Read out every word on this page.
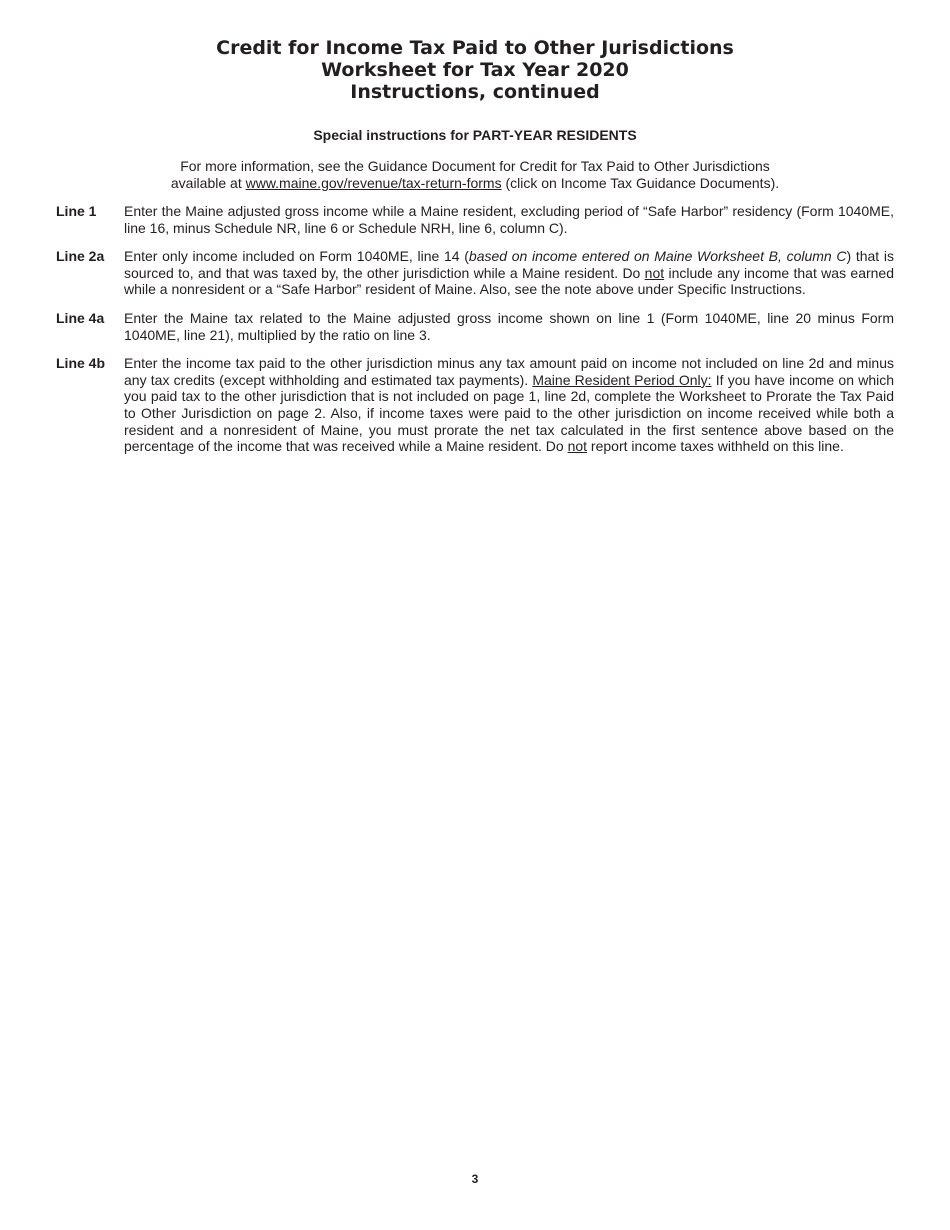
Credit for Income Tax Paid to Other Jurisdictions
Worksheet for Tax Year 2020
Instructions, continued
Special instructions for PART-YEAR RESIDENTS
For more information, see the Guidance Document for Credit for Tax Paid to Other Jurisdictions
available at www.maine.gov/revenue/tax-return-forms (click on Income Tax Guidance Documents).
Line 1	Enter the Maine adjusted gross income while a Maine resident, excluding period of “Safe Harbor” residency (Form 1040ME, line 16, minus Schedule NR, line 6 or Schedule NRH, line 6, column C).
Line 2a	Enter only income included on Form 1040ME, line 14 (based on income entered on Maine Worksheet B, column C) that is sourced to, and that was taxed by, the other jurisdiction while a Maine resident. Do not include any income that was earned while a nonresident or a “Safe Harbor” resident of Maine. Also, see the note above under Specific Instructions.
Line 4a	Enter the Maine tax related to the Maine adjusted gross income shown on line 1 (Form 1040ME, line 20 minus Form 1040ME, line 21), multiplied by the ratio on line 3.
Line 4b	Enter the income tax paid to the other jurisdiction minus any tax amount paid on income not included on line 2d and minus any tax credits (except withholding and estimated tax payments). Maine Resident Period Only: If you have income on which you paid tax to the other jurisdiction that is not included on page 1, line 2d, complete the Worksheet to Prorate the Tax Paid to Other Jurisdiction on page 2. Also, if income taxes were paid to the other jurisdiction on income received while both a resident and a nonresident of Maine, you must prorate the net tax calculated in the first sentence above based on the percentage of the income that was received while a Maine resident. Do not report income taxes withheld on this line.
3
